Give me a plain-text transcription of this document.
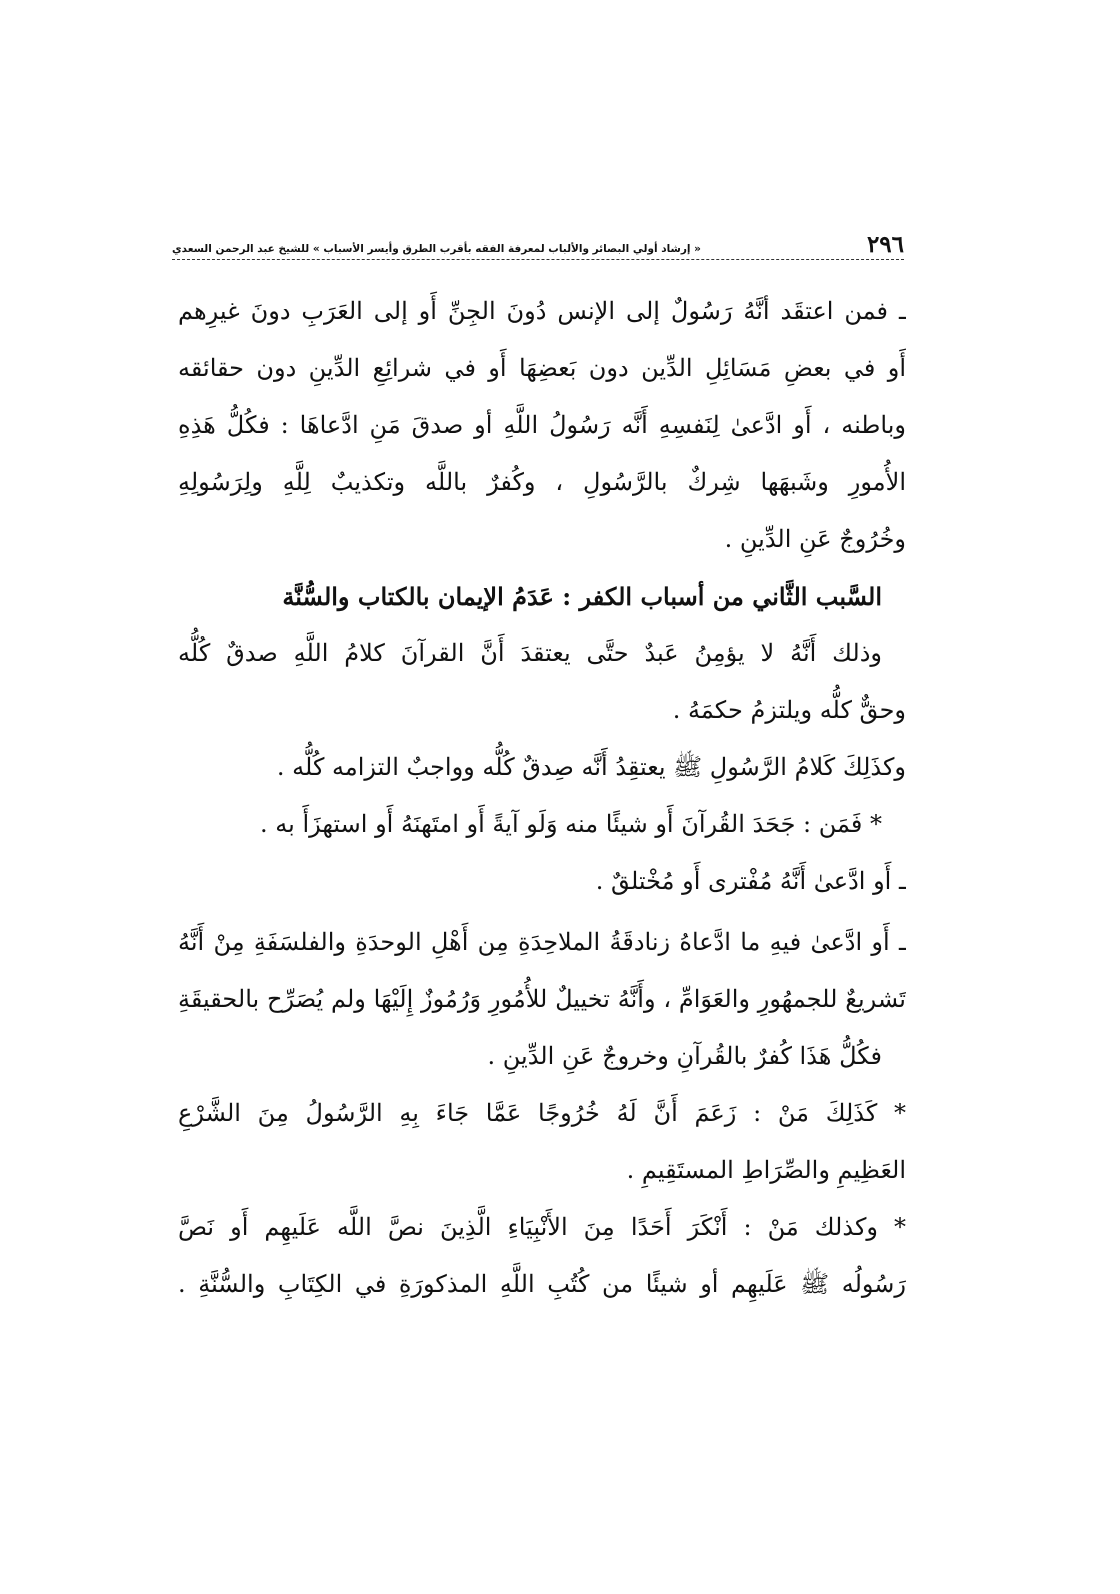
٢٩٦
« إرشاد أولي البصائر والألباب لمعرفة الفقه بأقرب الطرق وأيسر الأسباب » للشيخ عبد الرحمن السعدي
ـ فمن اعتقَد أنَّهُ رَسُولٌ إلى الإنس دُونَ الجِنِّ أَو إلى العَرَبِ دونَ غيرِهم
أَو في بعضِ مَسَائِلِ الدِّين دون بَعضِهَا أَو في شرائِعِ الدِّينِ دون حقائقه
وباطنه ، أَو ادَّعىٰ لِنَفسِهِ أَنَّه رَسُولُ اللَّهِ أو صدقَ مَنِ ادَّعاهَا : فكُلُّ هَذِهِ
الأُمورِ وشَبهَها شِركٌ بالرَّسُولِ ، وكُفرٌ باللَّه وتكذيبٌ لِلَّهِ ولِرَسُولِهِ
وخُرُوجٌ عَنِ الدِّينِ .
السَّبب الثَّاني من أسباب الكفر : عَدَمُ الإيمان بالكتاب والسُّنَّة
وذلك أَنَّهُ لا يؤمِنُ عَبدٌ حتَّى يعتقدَ أَنَّ القرآنَ كلامُ اللَّهِ صدقٌ كُلُّه
وحقٌّ كلُّه ويلتزمُ حكمَهُ .
وكذَلِكَ كَلامُ الرَّسُولِ ﷺ يعتقِدُ أَنَّه صِدقٌ كُلُّه وواجبٌ التزامه كُلُّه .
* فَمَن : جَحَدَ القُرآنَ أَو شيئًا منه وَلَو آيةً أَو امتَهنَهُ أَو استهزَأَ به .
ـ أَو ادَّعىٰ أَنَّهُ مُفْترى أَو مُخْتلقٌ .
ـ أَو ادَّعىٰ فيهِ ما ادَّعاهُ زنادقَةُ الملاحِدَةِ مِن أَهْلِ الوحدَةِ والفلسَفَةِ مِنْ أَنَّهُ
تَشريعٌ للجمهُورِ والعَوَامِّ ، وأَنَّهُ تخييلٌ للأُمُورِ وَرُمُوزٌ إِلَيْهَا ولم يُصَرِّح بالحقيقَةِ
فكُلُّ هَذَا كُفرٌ بالقُرآنِ وخروجٌ عَنِ الدِّينِ .
* كَذَلِكَ مَنْ : زَعَمَ أَنَّ لَهُ خُرُوجًا عَمَّا جَاءَ بِهِ الرَّسُولُ مِنَ الشَّرْعِ
العَظِيمِ والصِّرَاطِ المستَقِيمِ .
* وكذلك مَنْ : أَنْكَرَ أَحَدًا مِنَ الأَنْبِيَاءِ الَّذِينَ نصَّ اللَّه عَلَيهِم أَو نَصَّ
رَسُولُه ﷺ عَلَيهِم أو شيئًا من كُتُبِ اللَّهِ المذكورَةِ في الكِتَابِ والسُّنَّةِ .
